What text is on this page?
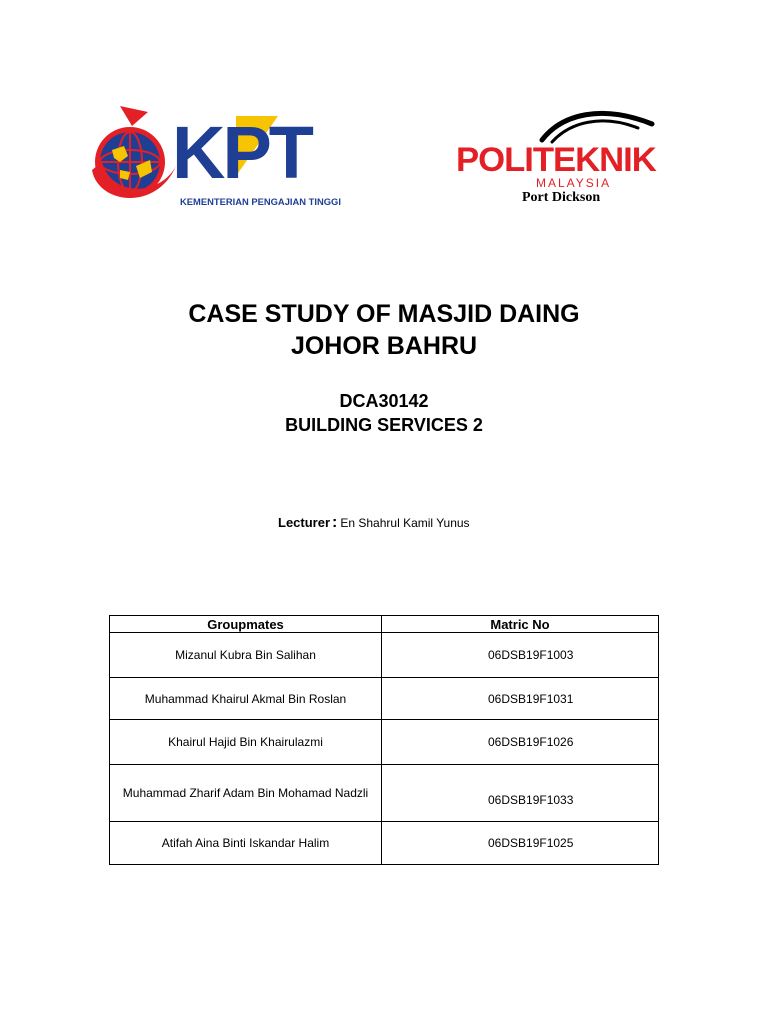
KPT
KEMENTERIAN PENGAJIAN TINGGI
POLITEKNIK
MALAYSIA
Port Dickson
CASE STUDY OF MASJID DAING
JOHOR BAHRU
DCA30142
BUILDING SERVICES 2
Lecturer : En Shahrul Kamil Yunus
Groupmates	Matric No
Mizanul Kubra Bin Salihan	06DSB19F1003
Muhammad Khairul Akmal Bin Roslan	06DSB19F1031
Khairul Hajid Bin Khairulazmi	06DSB19F1026
Muhammad Zharif Adam Bin Mohamad Nadzli	06DSB19F1033
Atifah Aina Binti Iskandar Halim	06DSB19F1025
